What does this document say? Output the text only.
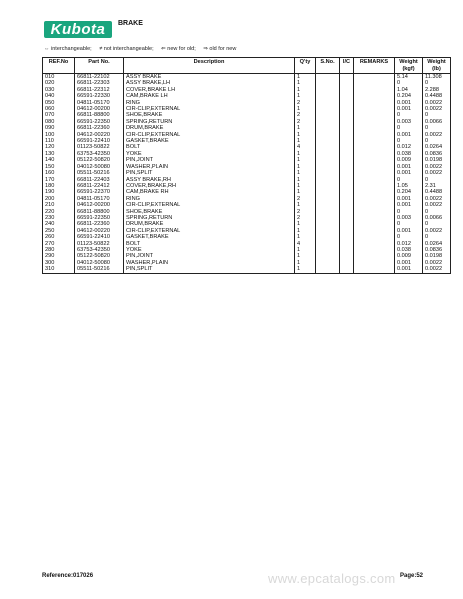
Kubota	BRAKE
⇔ interchangeable; ≠ not interchangeable; ⇐ new for old; ⇒ old for new
REF.No	Part No.	Description	Q'ty	S.No.	I/C	REMARKS	Weight (kgf)	Weight (lb)
010	66811-22102	ASSY BRAKE	1				5.14	11.308
020	66811-22303	ASSY BRAKE,LH	1				0	0
030	66811-22312	COVER,BRAKE LH	1				1.04	2.288
040	66591-22330	CAM,BRAKE LH	1				0.204	0.4488
050	04811-05170	RING	2				0.001	0.0022
060	04612-00200	CIR-CLIP,EXTERNAL	1				0.001	0.0022
070	66811-88800	SHOE,BRAKE	2				0	0
080	66591-22350	SPRING,RETURN	2				0.003	0.0066
090	66811-22360	DRUM,BRAKE	1				0	0
100	04612-00220	CIR-CLIP,EXTERNAL	1				0.001	0.0022
110	66591-22410	GASKET,BRAKE	1				0	0
120	01123-50822	BOLT	4				0.012	0.0264
130	63753-42350	YOKE	1				0.038	0.0836
140	05122-50820	PIN,JOINT	1				0.009	0.0198
150	04012-50080	WASHER,PLAIN	1				0.001	0.0022
160	05511-50216	PIN,SPLIT	1				0.001	0.0022
170	66811-22403	ASSY BRAKE,RH	1				0	0
180	66811-22412	COVER,BRAKE,RH	1				1.05	2.31
190	66591-22370	CAM,BRAKE RH	1				0.204	0.4488
200	04811-05170	RING	2				0.001	0.0022
210	04612-00200	CIR-CLIP,EXTERNAL	1				0.001	0.0022
220	66811-88800	SHOE,BRAKE	2				0	0
230	66591-22350	SPRING,RETURN	2				0.003	0.0066
240	66811-22360	DRUM,BRAKE	1				0	0
250	04612-00220	CIR-CLIP,EXTERNAL	1				0.001	0.0022
260	66591-22410	GASKET,BRAKE	1				0	0
270	01123-50822	BOLT	4				0.012	0.0264
280	63753-42350	YOKE	1				0.038	0.0836
290	05122-50820	PIN,JOINT	1				0.009	0.0198
300	04012-50080	WASHER,PLAIN	1				0.001	0.0022
310	05511-50216	PIN,SPLIT	1				0.001	0.0022

www.epcatalogs.com
Reference:017026	Page:52
